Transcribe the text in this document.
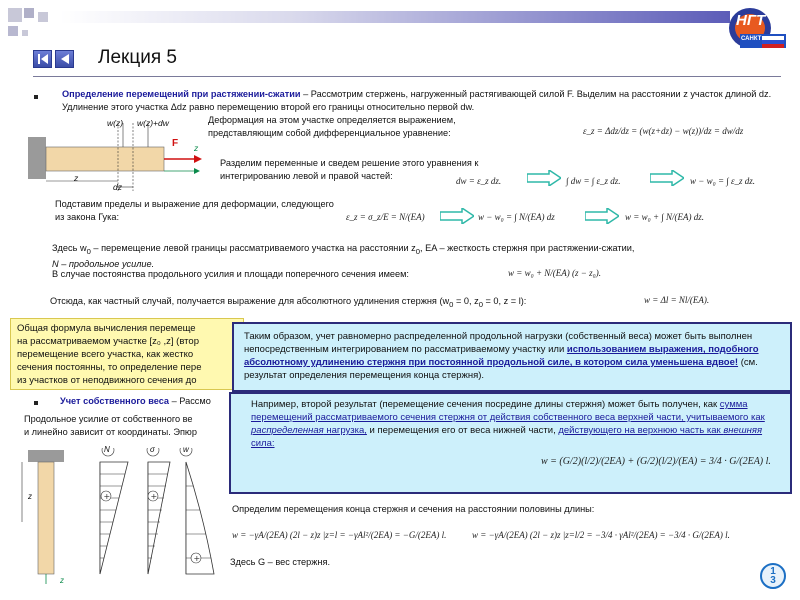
НГТ
САНКТ
Лекция 5
Определение перемещений при растяжении-сжатии – Рассмотрим стержень, нагруженный растягивающей силой F. Выделим на расстоянии z участок длиной dz. Удлинение этого участка Δdz равно перемещению второй его границы относительно первой dw.
w(z) w(z)+dw
F z
z
dz
Деформация на этом участке определяется выражением, представляющим собой дифференциальное уравнение:	ε_z = Δdz/dz = (w(z+dz) − w(z))/dz = dw/dz
Разделим переменные и сведем решение этого уравнения к интегрированию левой и правой частей:
dw = ε_z dz.	∫ dw = ∫ ε_z dz.	w − w₀ = ∫ ε_z dz.
Подставим пределы и выражение для деформации, следующего из закона Гука:	ε_z = σ_z/E = N/(EA)	w − w₀ = ∫ N/(EA) dz	w = w₀ + ∫ N/(EA) dz.
Здесь $w_0$ – перемещение левой границы рассматриваемого участка на расстоянии $z_0$, EA – жесткость стержня при растяжении-сжатии,
N – продольное усилие.
В случае постоянства продольного усилия и площади поперечного сечения имеем:	w = w₀ + N/(EA) (z − z₀).
Отсюда, как частный случай, получается выражение для абсолютного удлинения стержня ($w_0 = 0$, $z_0 = 0$, z = l):	w = Δl = Nl/(EA).
Общая формула вычисления перемеще
на рассматриваемом участке [z₀ ,z] (втор
перемещение всего участка, как жестко
сечения постоянны, то определение пере
из участков от неподвижного сечения до
Учет собственного веса – Рассмо
Продольное усилие от собственного ве
и линейно зависит от координаты. Эпюр
+	+
+
N	σ	w
z
z
Таким образом, учет равномерно распределенной продольной нагрузки (собственный веса) может быть выполнен непосредственным интегрированием по рассматриваемому участку или использованием выражения, подобного абсолютному удлинению стержня при постоянной продольной силе, в котором сила уменьшена вдвое! (см. результат определения перемещения конца стержня).
Например, второй результат (перемещение сечения посредине длины стержня) может быть получен, как сумма перемещений рассматриваемого сечения стержня от действия собственного веса верхней части, учитываемого как распределенная нагрузка, и перемещения его от веса нижней части, действующего на верхнюю часть как внешняя сила:
w = (G/2)(l/2)/(2EA) + (G/2)(l/2)/(EA) = 3/4 · G/(2EA) l.
Определим перемещения конца стержня и сечения на расстоянии половины длины:
w = −γA/(2EA) (2l − z)z |z=l = −γAl²/(2EA) = −G/(2EA) l.	w = −γA/(2EA) (2l − z)z |z=l/2 = −3/4 · γAl²/(2EA) = −3/4 · G/(2EA) l.
Здесь G – вес стержня.
1
3
